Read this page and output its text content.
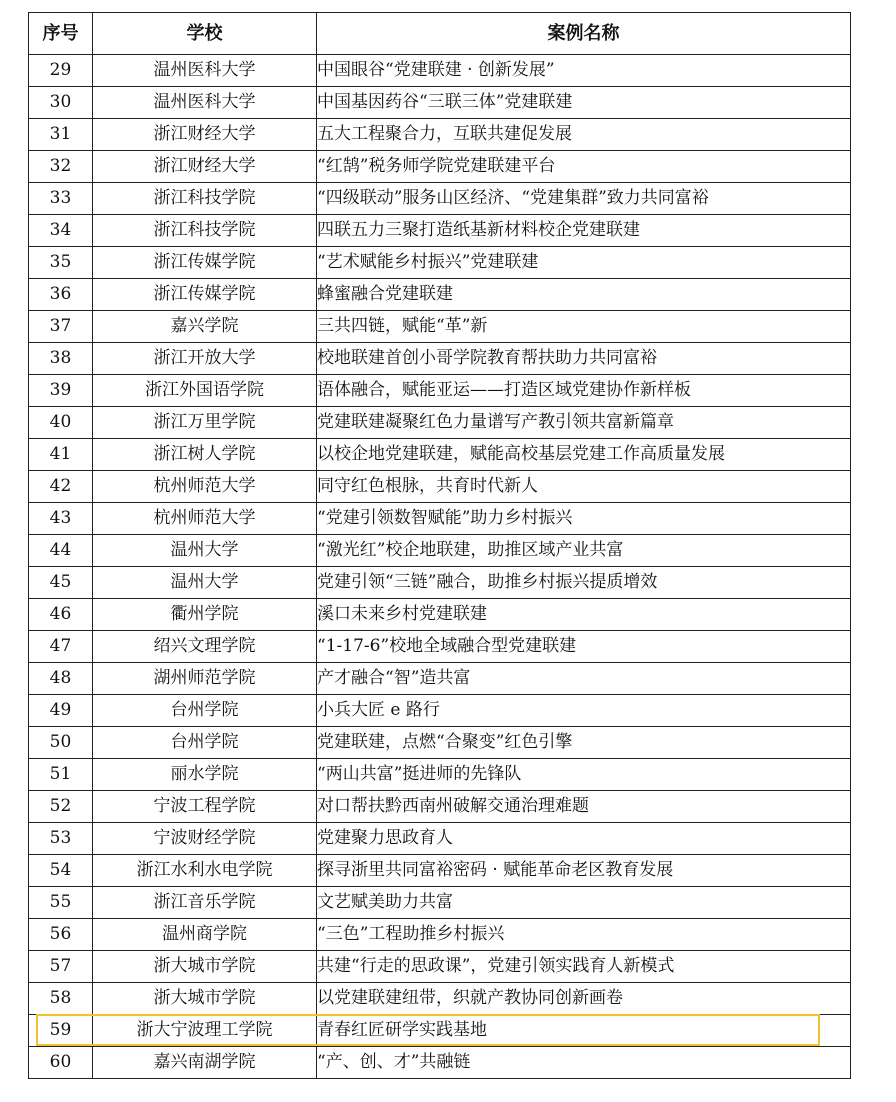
序号	学校	案例名称
29	温州医科大学	中国眼谷“党建联建 · 创新发展”
30	温州医科大学	中国基因药谷“三联三体”党建联建
31	浙江财经大学	五大工程聚合力，互联共建促发展
32	浙江财经大学	“红鹄”税务师学院党建联建平台
33	浙江科技学院	“四级联动”服务山区经济、“党建集群”致力共同富裕
34	浙江科技学院	四联五力三聚打造纸基新材料校企党建联建
35	浙江传媒学院	“艺术赋能乡村振兴”党建联建
36	浙江传媒学院	蜂蜜融合党建联建
37	嘉兴学院	三共四链，赋能“革”新
38	浙江开放大学	校地联建首创小哥学院教育帮扶助力共同富裕
39	浙江外国语学院	语体融合，赋能亚运——打造区域党建协作新样板
40	浙江万里学院	党建联建凝聚红色力量谱写产教引领共富新篇章
41	浙江树人学院	以校企地党建联建，赋能高校基层党建工作高质量发展
42	杭州师范大学	同守红色根脉，共育时代新人
43	杭州师范大学	“党建引领数智赋能”助力乡村振兴
44	温州大学	“激光红”校企地联建，助推区域产业共富
45	温州大学	党建引领“三链”融合，助推乡村振兴提质增效
46	衢州学院	溪口未来乡村党建联建
47	绍兴文理学院	“1-17-6”校地全域融合型党建联建
48	湖州师范学院	产才融合“智”造共富
49	台州学院	小兵大匠 e 路行
50	台州学院	党建联建，点燃“合聚变”红色引擎
51	丽水学院	“两山共富”挺进师的先锋队
52	宁波工程学院	对口帮扶黔西南州破解交通治理难题
53	宁波财经学院	党建聚力思政育人
54	浙江水利水电学院	探寻浙里共同富裕密码 · 赋能革命老区教育发展
55	浙江音乐学院	文艺赋美助力共富
56	温州商学院	“三色”工程助推乡村振兴
57	浙大城市学院	共建“行走的思政课”，党建引领实践育人新模式
58	浙大城市学院	以党建联建纽带，织就产教协同创新画卷
59	浙大宁波理工学院	青春红匠研学实践基地
60	嘉兴南湖学院	“产、创、才”共融链
